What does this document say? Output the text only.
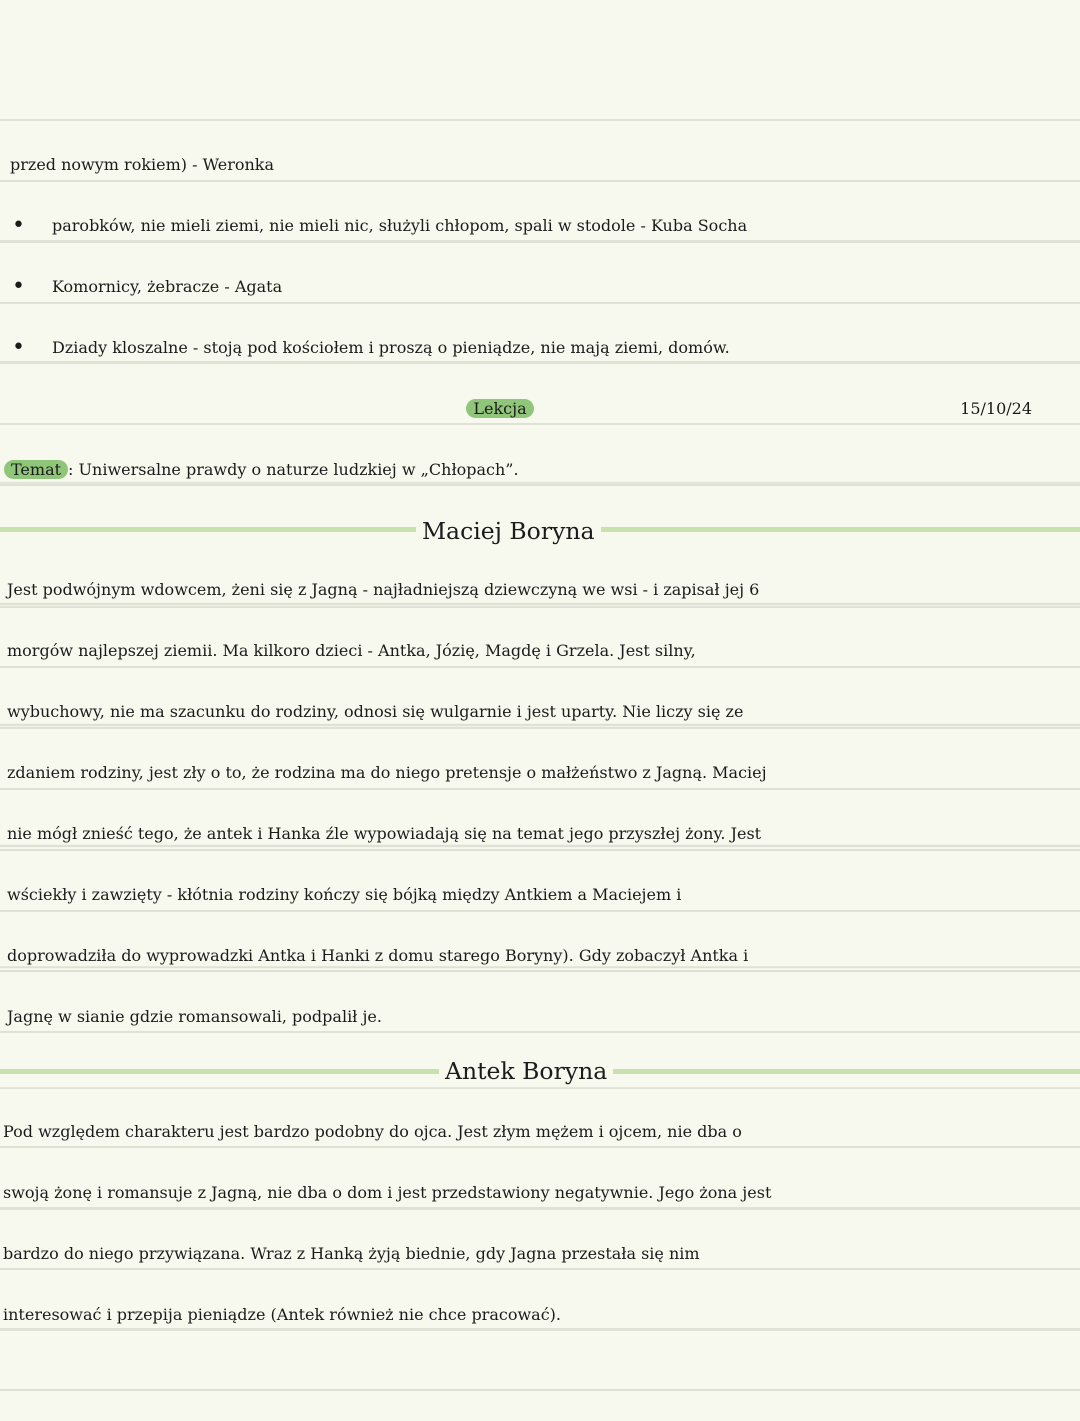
przed nowym rokiem) - Weronka
• parobków, nie mieli ziemi, nie mieli nic, służyli chłopom, spali w stodole - Kuba Socha
• Komornicy, żebracze - Agata
• Dziady kloszalne - stoją pod kościołem i proszą o pieniądze, nie mają ziemi, domów.
Lekcja	15/10/24
Temat : Uniwersalne prawdy o naturze ludzkiej w „Chłopach”.
Maciej Boryna
Jest podwójnym wdowcem, żeni się z Jagną - najładniejszą dziewczyną we wsi - i zapisał jej 6
morgów najlepszej ziemii. Ma kilkoro dzieci - Antka, Józię, Magdę i Grzela. Jest silny,
wybuchowy, nie ma szacunku do rodziny, odnosi się wulgarnie i jest uparty. Nie liczy się ze
zdaniem rodziny, jest zły o to, że rodzina ma do niego pretensje o małżeństwo z Jagną. Maciej
nie mógł znieść tego, że antek i Hanka źle wypowiadają się na temat jego przyszłej żony. Jest
wściekły i zawzięty - kłótnia rodziny kończy się bójką między Antkiem a Maciejem i
doprowadziła do wyprowadzki Antka i Hanki z domu starego Boryny). Gdy zobaczył Antka i
Jagnę w sianie gdzie romansowali, podpalił je.
Antek Boryna
Pod względem charakteru jest bardzo podobny do ojca. Jest złym mężem i ojcem, nie dba o
swoją żonę i romansuje z Jagną, nie dba o dom i jest przedstawiony negatywnie. Jego żona jest
bardzo do niego przywiązana. Wraz z Hanką żyją biednie, gdy Jagna przestała się nim
interesować i przepija pieniądze (Antek również nie chce pracować).
